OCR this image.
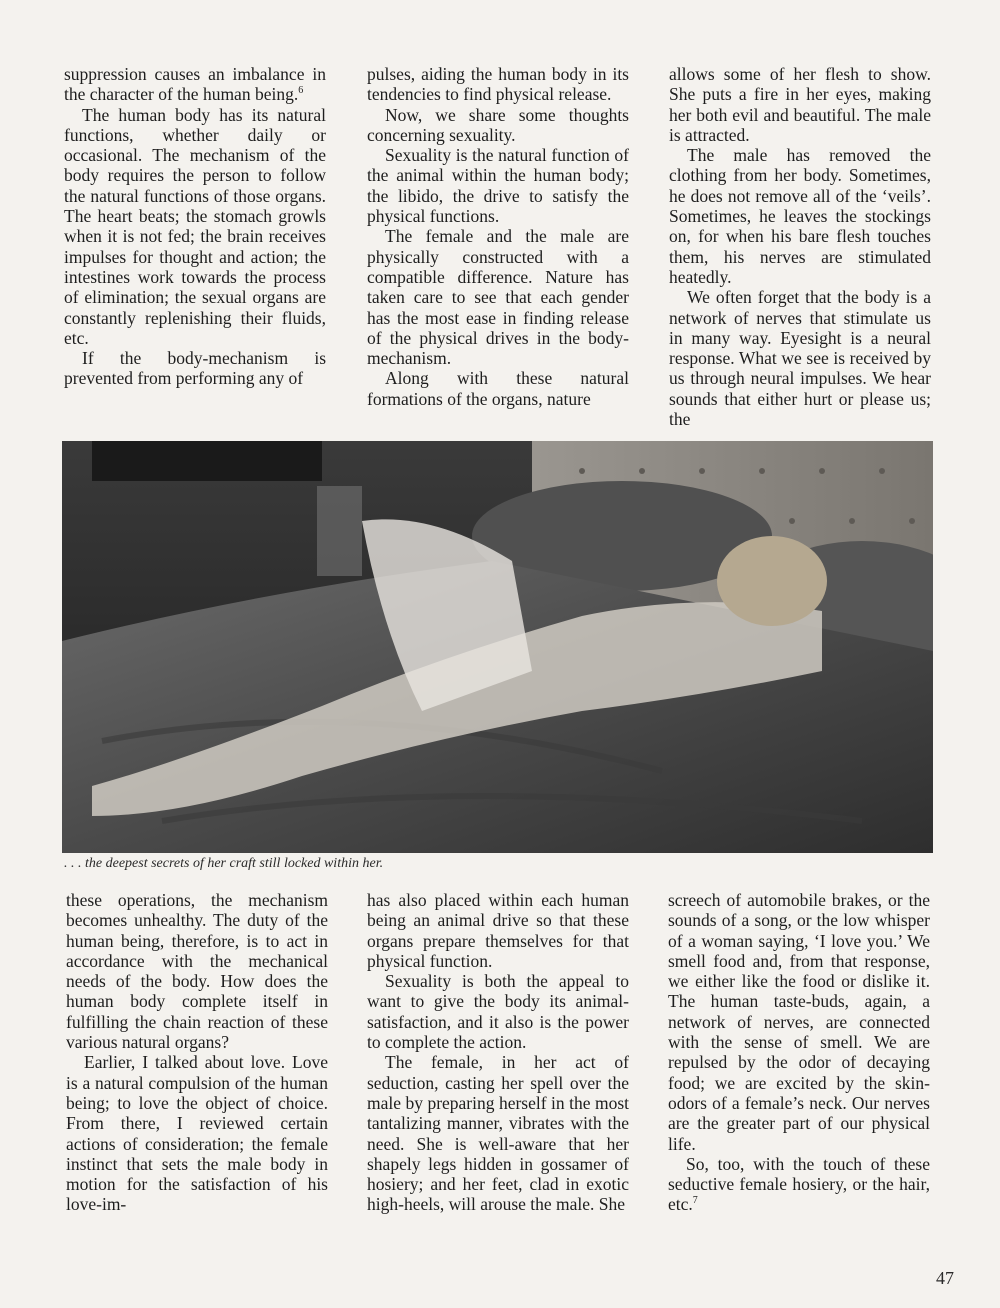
suppression causes an imbalance in the character of the human being.$^6$

The human body has its natural functions, whether daily or occasional. The mechanism of the body requires the person to follow the natural functions of those organs. The heart beats; the stomach growls when it is not fed; the brain receives impulses for thought and action; the intestines work towards the process of elimination; the sexual organs are constantly replenishing their fluids, etc.

If the body-mechanism is prevented from performing any of

pulses, aiding the human body in its tendencies to find physical release.

Now, we share some thoughts concerning sexuality.

Sexuality is the natural function of the animal within the human body; the libido, the drive to satisfy the physical functions.

The female and the male are physically constructed with a compatible difference. Nature has taken care to see that each gender has the most ease in finding release of the physical drives in the body-mechanism.

Along with these natural formations of the organs, nature

allows some of her flesh to show. She puts a fire in her eyes, making her both evil and beautiful. The male is attracted.

The male has removed the clothing from her body. Sometimes, he does not remove all of the ‘veils’. Sometimes, he leaves the stockings on, for when his bare flesh touches them, his nerves are stimulated heatedly.

We often forget that the body is a network of nerves that stimulate us in many way. Eyesight is a neural response. What we see is received by us through neural impulses. We hear sounds that either hurt or please us; the

. . . the deepest secrets of her craft still locked within her.

these operations, the mechanism becomes unhealthy. The duty of the human being, therefore, is to act in accordance with the mechanical needs of the body. How does the human body complete itself in fulfilling the chain reaction of these various natural organs?

Earlier, I talked about love. Love is a natural compulsion of the human being; to love the object of choice. From there, I reviewed certain actions of consideration; the female instinct that sets the male body in motion for the satisfaction of his love-im-

has also placed within each human being an animal drive so that these organs prepare themselves for that physical function.

Sexuality is both the appeal to want to give the body its animal-satisfaction, and it also is the power to complete the action.

The female, in her act of seduction, casting her spell over the male by preparing herself in the most tantalizing manner, vibrates with the need. She is well-aware that her shapely legs hidden in gossamer of hosiery; and her feet, clad in exotic high-heels, will arouse the male. She

screech of automobile brakes, or the sounds of a song, or the low whisper of a woman saying, ‘I love you.’ We smell food and, from that response, we either like the food or dislike it. The human taste-buds, again, a network of nerves, are connected with the sense of smell. We are repulsed by the odor of decaying food; we are excited by the skin-odors of a female’s neck. Our nerves are the greater part of our physical life.

So, too, with the touch of these seductive female hosiery, or the hair, etc.$^7$

47
